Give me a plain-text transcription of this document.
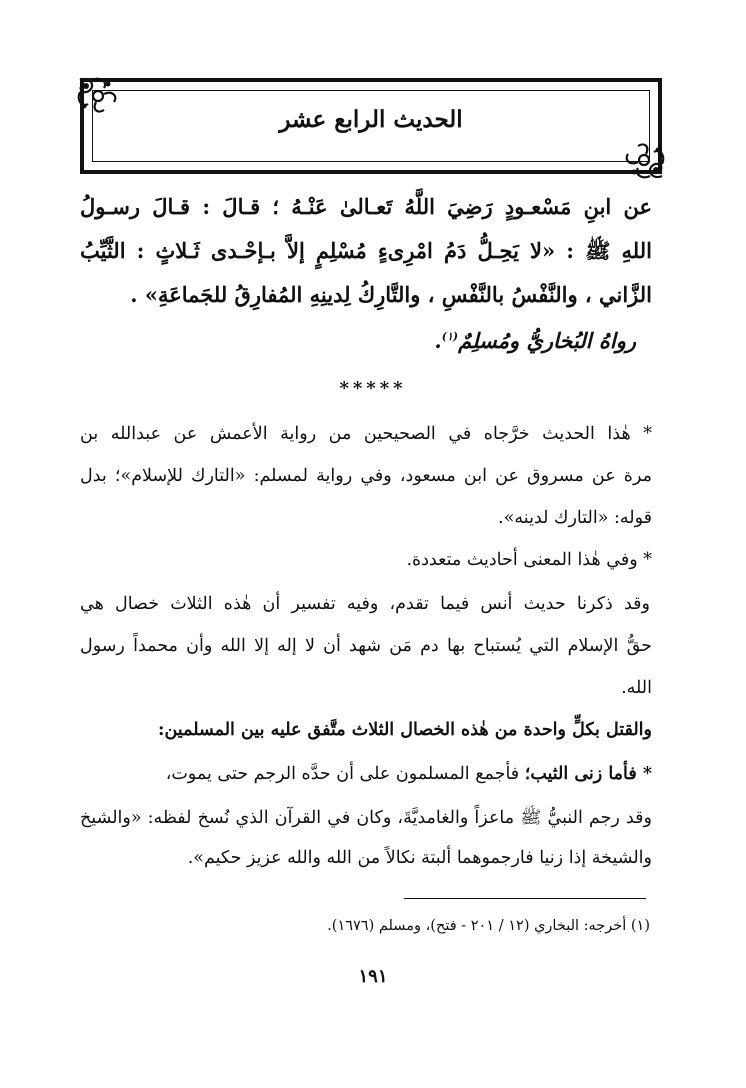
الحديث الرابع عشر
عن ابنِ مَسْعـودٍ رَضِيَ اللَّهُ تَعـالىٰ عَنْـهُ ؛ قـالَ : قـالَ رسـولُ
اللهِ ﷺ : «لا يَحِـلُّ دَمُ امْرِىءٍ مُسْلِمٍ إلاَّ بـإحْـدى ثَـلاثٍ : الثَّيِّبُ
الزَّاني ، والنَّفْسُ بالنَّفْسِ ، والتَّارِكُ لِدينِهِ المُفارِقُ للجَماعَةِ» .
رواهُ البُخاريُّ ومُسلِمٌ$^{(١)}$.
*****
* هٰذا الحديث خرَّجاه في الصحيحين من رواية الأعمش عن عبدالله بن
مرة عن مسروق عن ابن مسعود، وفي رواية لمسلم: «التارك للإسلام»؛ بدل
قوله: «التارك لدينه».
* وفي هٰذا المعنى أحاديث متعددة.
وقد ذكرنا حديث أنس فيما تقدم، وفيه تفسير أن هٰذه الثلاث خصال هي
حقُّ الإسلام التي يُستباح بها دم مَن شهد أن لا إله إلا الله وأن محمداً رسول
الله.
والقتل بكلٍّ واحدة من هٰذه الخصال الثلاث متَّفق عليه بين المسلمين:
* فأما زنى الثيب؛ فأجمع المسلمون على أن حدَّه الرجم حتى يموت،
وقد رجم النبيُّ ﷺ ماعزاً والغامديَّةَ، وكان في القرآن الذي نُسخ لفظه: «والشيخ
والشيخة إذا زنيا فارجموهما ألبتة نكالاً من الله والله عزيز حكيم».
(١) أخرجه: البخاري (١٢ / ٢٠١ - فتح)، ومسلم (١٦٧٦).
١٩١
